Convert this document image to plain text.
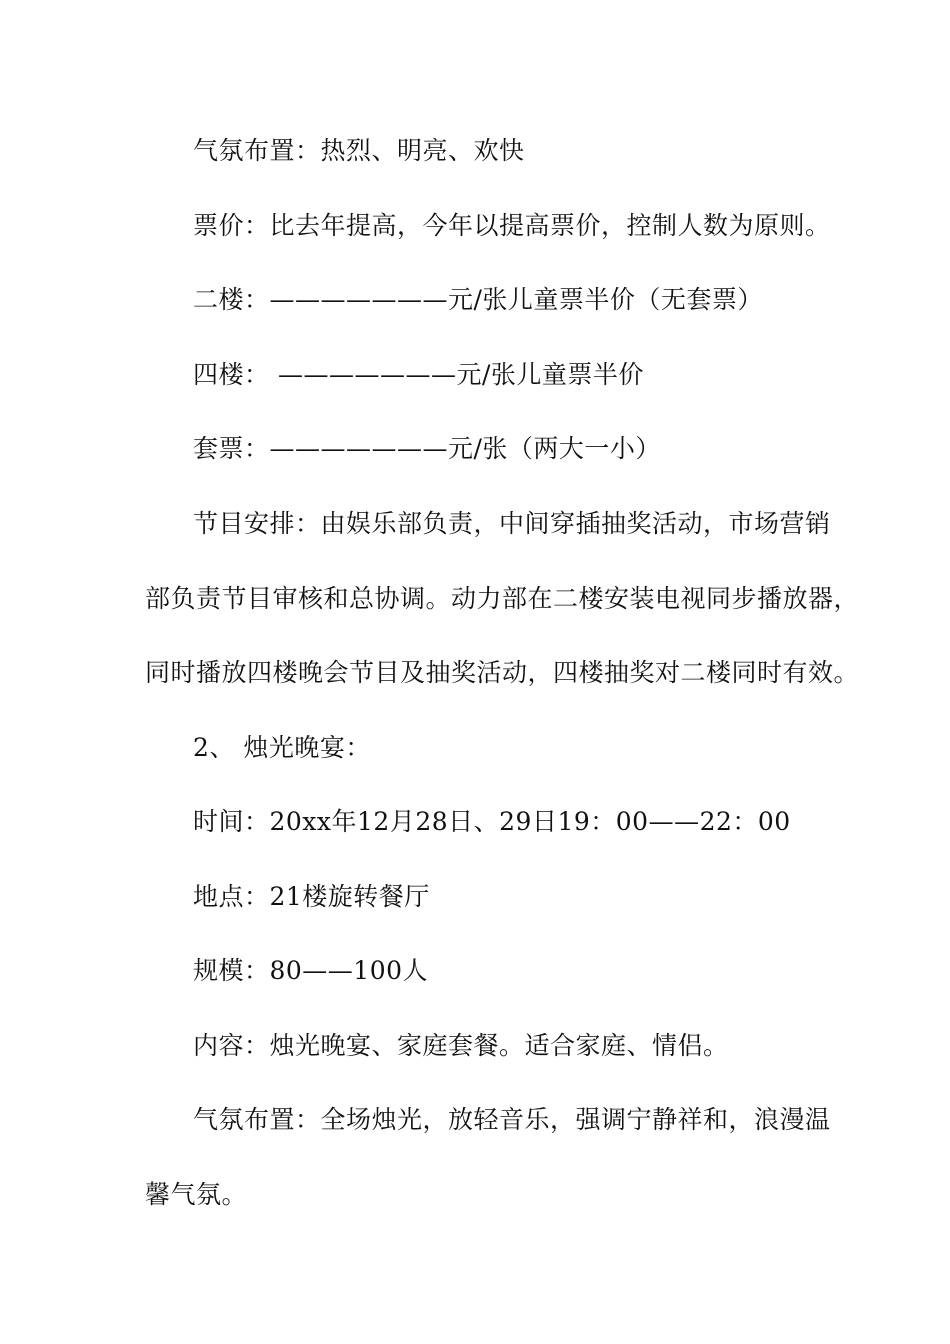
气氛布置：热烈、明亮、欢快
票价：比去年提高，今年以提高票价，控制人数为原则。
二楼：———————元/张儿童票半价（无套票）
四楼： ———————元/张儿童票半价
套票：———————元/张（两大一小）
节目安排：由娱乐部负责，中间穿插抽奖活动，市场营销
部负责节目审核和总协调。动力部在二楼安装电视同步播放器，
同时播放四楼晚会节目及抽奖活动，四楼抽奖对二楼同时有效。
2、 烛光晚宴：
时间：20xx年12月28日、29日19：00——22：00
地点：21楼旋转餐厅
规模：80——100人
内容：烛光晚宴、家庭套餐。适合家庭、情侣。
气氛布置：全场烛光，放轻音乐，强调宁静祥和，浪漫温
馨气氛。
